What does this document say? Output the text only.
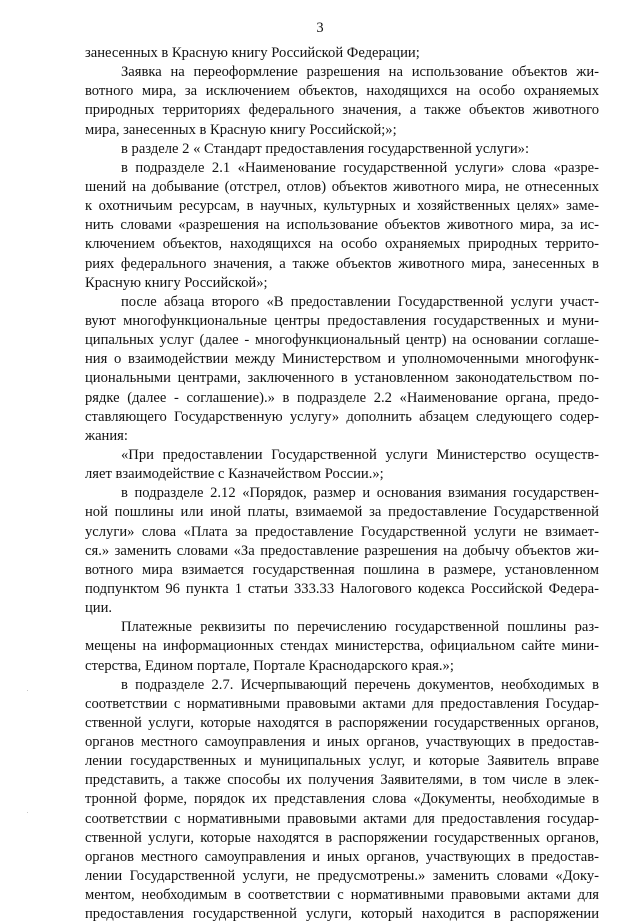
3
занесенных в Красную книгу Российской Федерации;
Заявка на переоформление разрешения на использование объектов жи-
вотного мира, за исключением объектов, находящихся на особо охраняемых
природных территориях федерального значения, а также объектов животного
мира, занесенных в Красную книгу Российской;»;
в разделе 2 « Стандарт предоставления государственной услуги»:
в подразделе 2.1 «Наименование государственной услуги» слова «разре-
шений на добывание (отстрел, отлов) объектов животного мира, не отнесенных
к охотничьим ресурсам, в научных, культурных и хозяйственных целях» заме-
нить словами «разрешения на использование объектов животного мира, за ис-
ключением объектов, находящихся на особо охраняемых природных террито-
риях федерального значения, а также объектов животного мира, занесенных в
Красную книгу Российской»;
после абзаца второго «В предоставлении Государственной услуги участ-
вуют многофункциональные центры предоставления государственных и муни-
ципальных услуг (далее - многофункциональный центр) на основании соглаше-
ния о взаимодействии между Министерством и уполномоченными многофунк-
циональными центрами, заключенного в установленном законодательством по-
рядке (далее - соглашение).» в подразделе 2.2 «Наименование органа, предо-
ставляющего Государственную услугу» дополнить абзацем следующего содер-
жания:
«При предоставлении Государственной услуги Министерство осуществ-
ляет взаимодействие с Казначейством России.»;
в подразделе 2.12 «Порядок, размер и основания взимания государствен-
ной пошлины или иной платы, взимаемой за предоставление Государственной
услуги» слова «Плата за предоставление Государственной услуги не взимает-
ся.» заменить словами «За предоставление разрешения на добычу объектов жи-
вотного мира взимается государственная пошлина в размере, установленном
подпунктом 96 пункта 1 статьи 333.33 Налогового кодекса Российской Федера-
ции.
Платежные реквизиты по перечислению государственной пошлины раз-
мещены на информационных стендах министерства, официальном сайте мини-
стерства, Едином портале, Портале Краснодарского края.»;
в подразделе 2.7. Исчерпывающий перечень документов, необходимых в
соответствии с нормативными правовыми актами для предоставления Государ-
ственной услуги, которые находятся в распоряжении государственных органов,
органов местного самоуправления и иных органов, участвующих в предостав-
лении государственных и муниципальных услуг, и которые Заявитель вправе
представить, а также способы их получения Заявителями, в том числе в элек-
тронной форме, порядок их представления слова «Документы, необходимые в
соответствии с нормативными правовыми актами для предоставления государ-
ственной услуги, которые находятся в распоряжении государственных органов,
органов местного самоуправления и иных органов, участвующих в предостав-
лении Государственной услуги, не предусмотрены.» заменить словами «Доку-
ментом, необходимым в соответствии с нормативными правовыми актами для
предоставления государственной услуги, который находится в распоряжении
